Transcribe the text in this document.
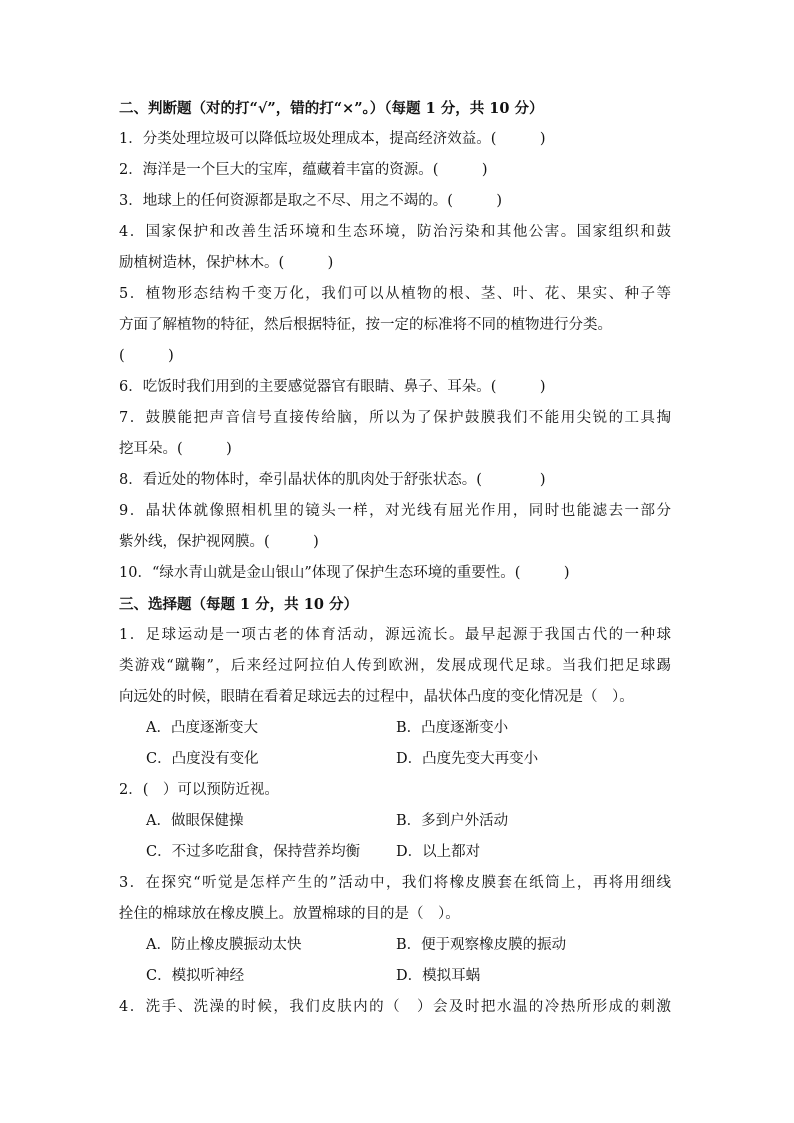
二、判断题（对的打“√”，错的打“×”。）（每题 1 分，共 10 分）
1．分类处理垃圾可以降低垃圾处理成本，提高经济效益。(　　　)
2．海洋是一个巨大的宝库，蕴藏着丰富的资源。(　　　)
3．地球上的任何资源都是取之不尽、用之不竭的。(　　　)
4．国家保护和改善生活环境和生态环境，防治污染和其他公害。国家组织和鼓
励植树造林，保护林木。(　　　)
5．植物形态结构千变万化，我们可以从植物的根、茎、叶、花、果实、种子等
方面了解植物的特征，然后根据特征，按一定的标准将不同的植物进行分类。
(　　　)
6．吃饭时我们用到的主要感觉器官有眼睛、鼻子、耳朵。(　　　)
7．鼓膜能把声音信号直接传给脑，所以为了保护鼓膜我们不能用尖锐的工具掏
挖耳朵。(　　　)
8．看近处的物体时，牵引晶状体的肌肉处于舒张状态。(　　　　)
9．晶状体就像照相机里的镜头一样，对光线有屈光作用，同时也能滤去一部分
紫外线，保护视网膜。(　　　)
10．“绿水青山就是金山银山”体现了保护生态环境的重要性。(　　　)
三、选择题（每题 1 分，共 10 分）
1．足球运动是一项古老的体育活动，源远流长。最早起源于我国古代的一种球
类游戏“蹴鞠”，后来经过阿拉伯人传到欧洲，发展成现代足球。当我们把足球踢
向远处的时候，眼睛在看着足球远去的过程中，晶状体凸度的变化情况是（　）。
A．凸度逐渐变大	B．凸度逐渐变小
C．凸度没有变化	D．凸度先变大再变小
2．(　）可以预防近视。
A．做眼保健操	B．多到户外活动
C．不过多吃甜食，保持营养均衡	D．以上都对
3．在探究“听觉是怎样产生的”活动中，我们将橡皮膜套在纸筒上，再将用细线
拴住的棉球放在橡皮膜上。放置棉球的目的是（　）。
A．防止橡皮膜振动太快	B．便于观察橡皮膜的振动
C．模拟听神经	D．模拟耳蜗
4．洗手、洗澡的时候，我们皮肤内的（　）会及时把水温的冷热所形成的刺激
